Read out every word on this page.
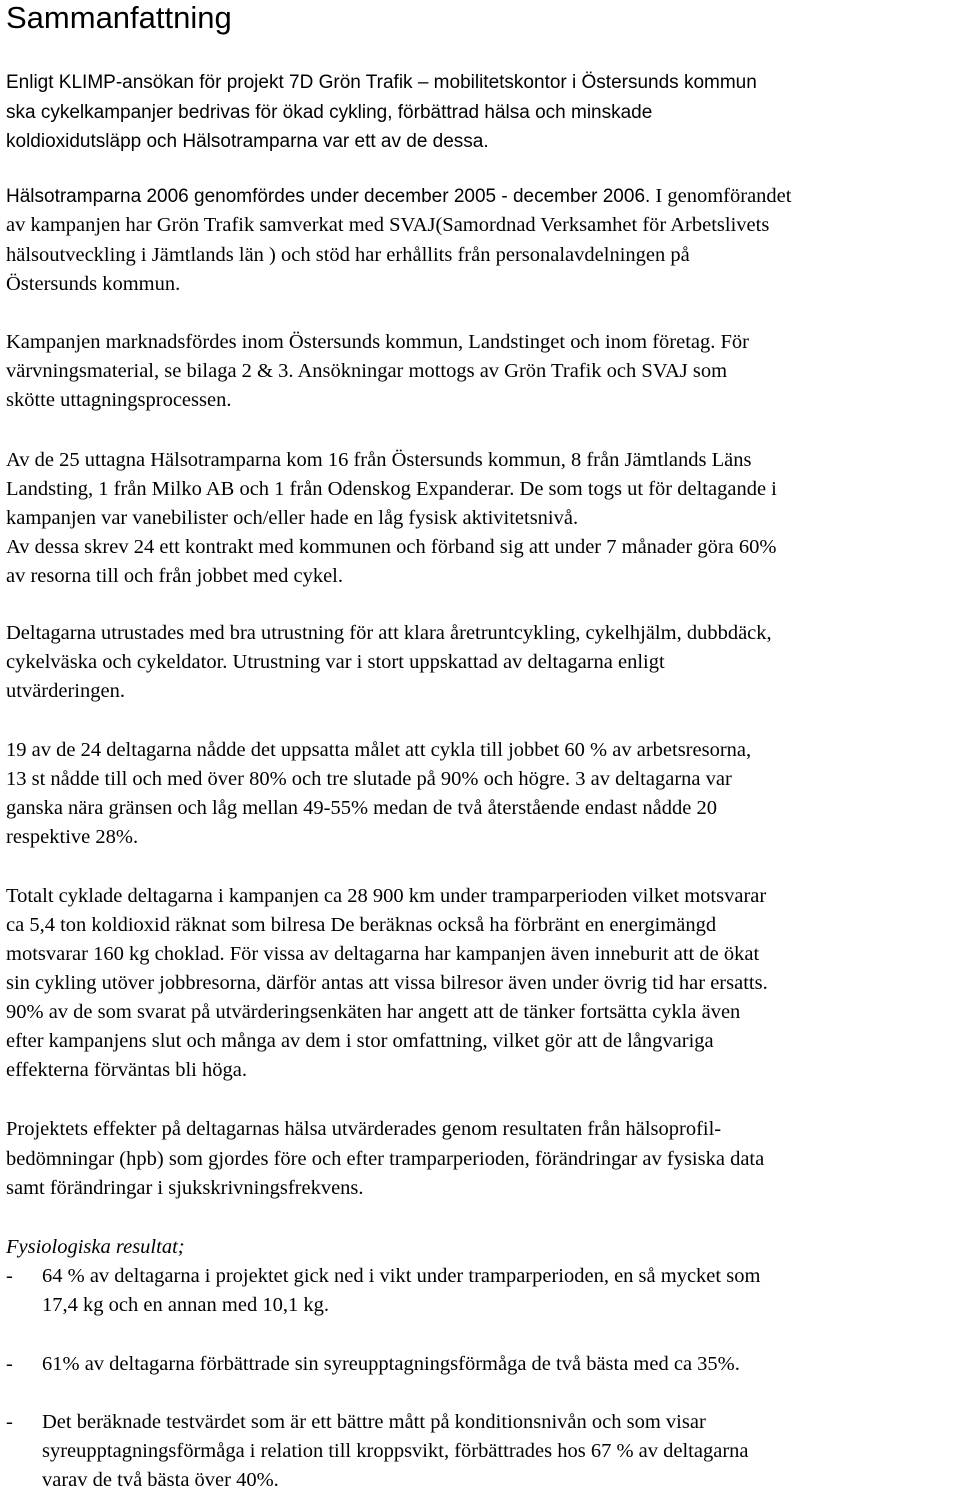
Sammanfattning
Enligt KLIMP-ansökan för projekt 7D Grön Trafik – mobilitetskontor i Östersunds kommun
ska cykelkampanjer bedrivas för ökad cykling, förbättrad hälsa och minskade
koldioxidutsläpp och Hälsotramparna var ett av de dessa.
Hälsotramparna 2006 genomfördes under december 2005 - december 2006. I genomförandet
av kampanjen har Grön Trafik samverkat med SVAJ(Samordnad Verksamhet för Arbetslivets
hälsoutveckling i Jämtlands län ) och stöd har erhållits från personalavdelningen på
Östersunds kommun.
Kampanjen marknadsfördes inom Östersunds kommun, Landstinget och inom företag. För
värvningsmaterial, se bilaga 2 & 3. Ansökningar mottogs av Grön Trafik och SVAJ som
skötte uttagningsprocessen.
Av de 25 uttagna Hälsotramparna kom 16 från Östersunds kommun, 8 från Jämtlands Läns
Landsting, 1 från Milko AB och 1 från Odenskog Expanderar. De som togs ut för deltagande i
kampanjen var vanebilister och/eller hade en låg fysisk aktivitetsnivå.
Av dessa skrev 24 ett kontrakt med kommunen och förband sig att under 7 månader göra 60%
av resorna till och från jobbet med cykel.
Deltagarna utrustades med bra utrustning för att klara åretruntcykling, cykelhjälm, dubbdäck,
cykelväska och cykeldator. Utrustning var i stort uppskattad av deltagarna enligt
utvärderingen.
19 av de 24 deltagarna nådde det uppsatta målet att cykla till jobbet 60 % av arbetsresorna,
13 st nådde till och med över 80% och tre slutade på 90% och högre. 3 av deltagarna var
ganska nära gränsen och låg mellan 49-55% medan de två återstående endast nådde 20
respektive 28%.
Totalt cyklade deltagarna i kampanjen ca 28 900 km under tramparperioden vilket motsvarar
ca 5,4 ton koldioxid räknat som bilresa De beräknas också ha förbränt en energimängd
motsvarar 160 kg choklad. För vissa av deltagarna har kampanjen även inneburit att de ökat
sin cykling utöver jobbresorna, därför antas att vissa bilresor även under övrig tid har ersatts.
90% av de som svarat på utvärderingsenkäten har angett att de tänker fortsätta cykla även
efter kampanjens slut och många av dem i stor omfattning, vilket gör att de långvariga
effekterna förväntas bli höga.
Projektets effekter på deltagarnas hälsa utvärderades genom resultaten från hälsoprofil-
bedömningar (hpb) som gjordes före och efter tramparperioden, förändringar av fysiska data
samt förändringar i sjukskrivningsfrekvens.
Fysiologiska resultat;
- 64 % av deltagarna i projektet gick ned i vikt under tramparperioden, en så mycket som
17,4 kg och en annan med 10,1 kg.
- 61% av deltagarna förbättrade sin syreupptagningsförmåga de två bästa med ca 35%.
- Det beräknade testvärdet som är ett bättre mått på konditionsnivån och som visar
syreupptagningsförmåga i relation till kroppsvikt, förbättrades hos 67 % av deltagarna
varav de två bästa över 40%.
